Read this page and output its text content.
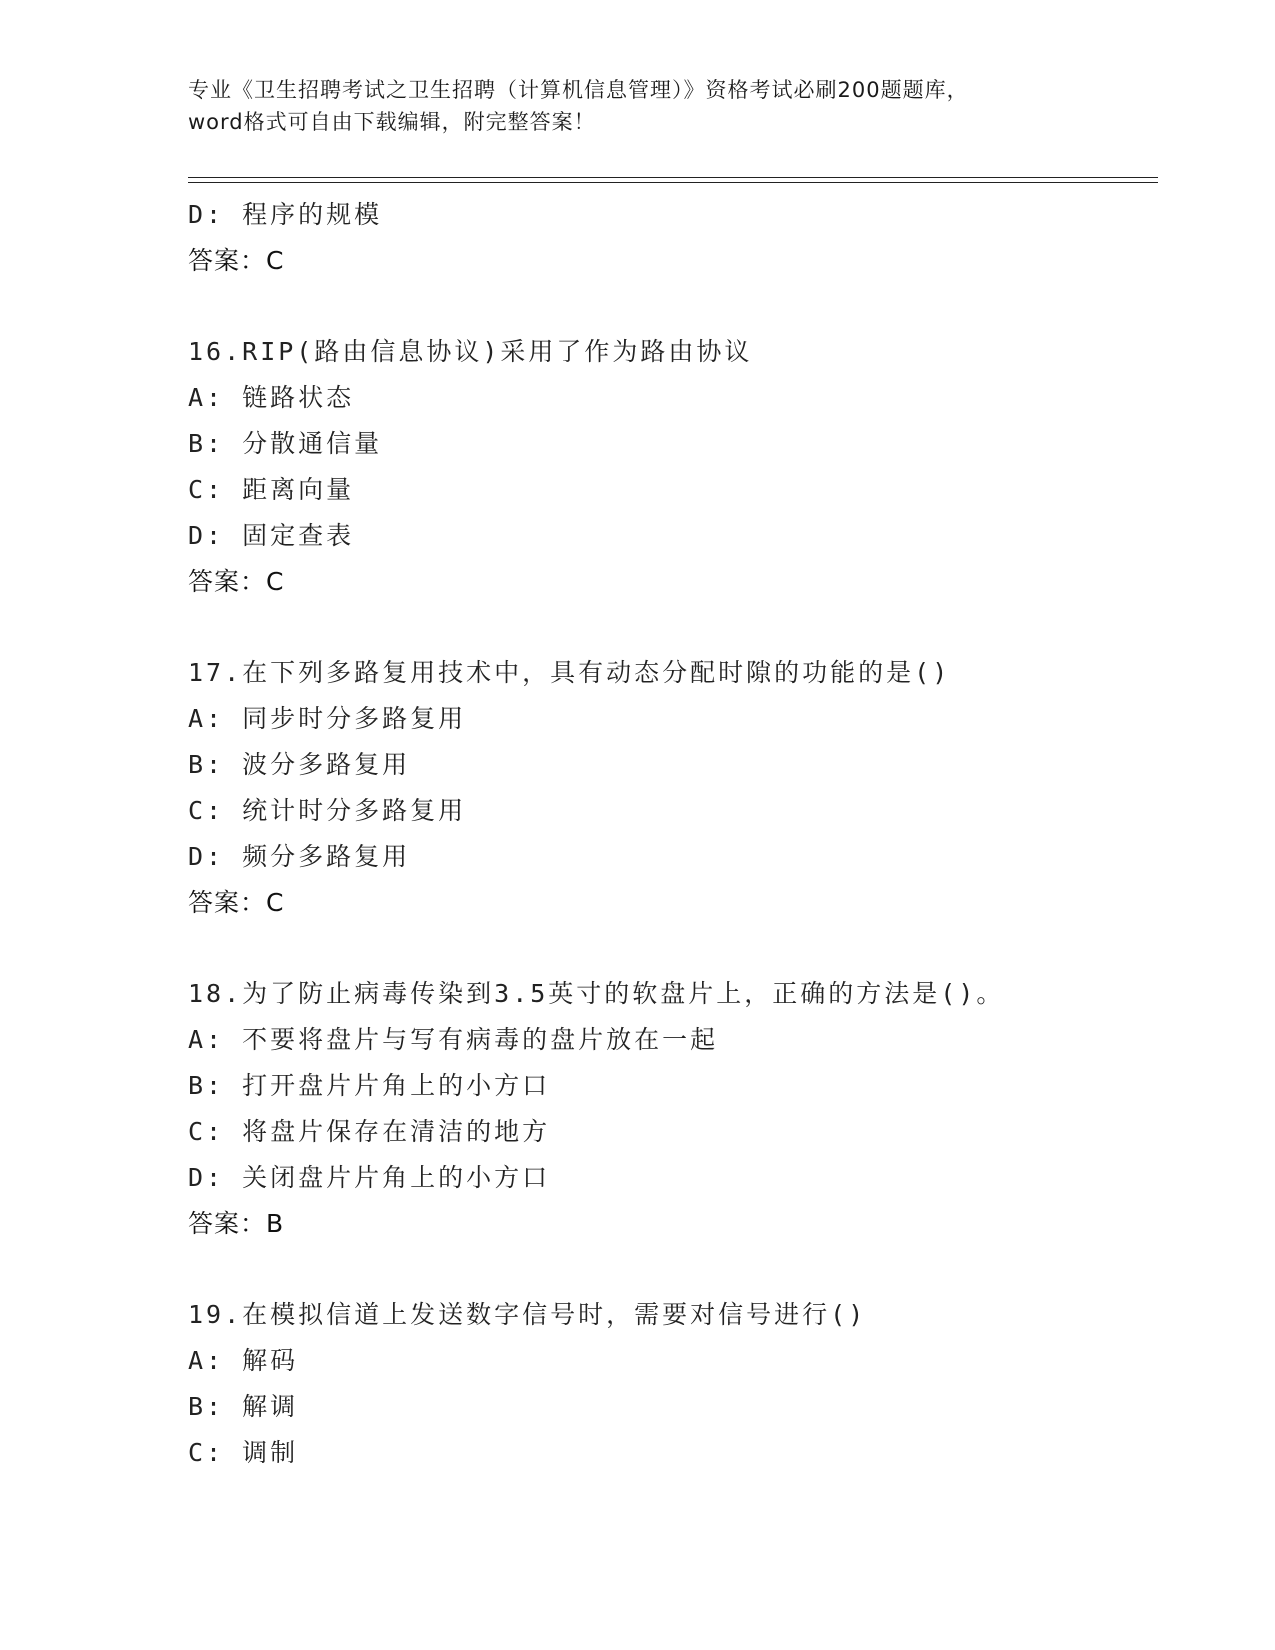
专业《卫生招聘考试之卫生招聘（计算机信息管理）》资格考试必刷200题题库，
word格式可自由下载编辑，附完整答案！
D: 程序的规模
答案：C
16.RIP(路由信息协议)采用了作为路由协议
A: 链路状态
B: 分散通信量
C: 距离向量
D: 固定查表
答案：C
17.在下列多路复用技术中，具有动态分配时隙的功能的是()
A: 同步时分多路复用
B: 波分多路复用
C: 统计时分多路复用
D: 频分多路复用
答案：C
18.为了防止病毒传染到3.5英寸的软盘片上，正确的方法是()。
A: 不要将盘片与写有病毒的盘片放在一起
B: 打开盘片片角上的小方口
C: 将盘片保存在清洁的地方
D: 关闭盘片片角上的小方口
答案：B
19.在模拟信道上发送数字信号时，需要对信号进行()
A: 解码
B: 解调
C: 调制
